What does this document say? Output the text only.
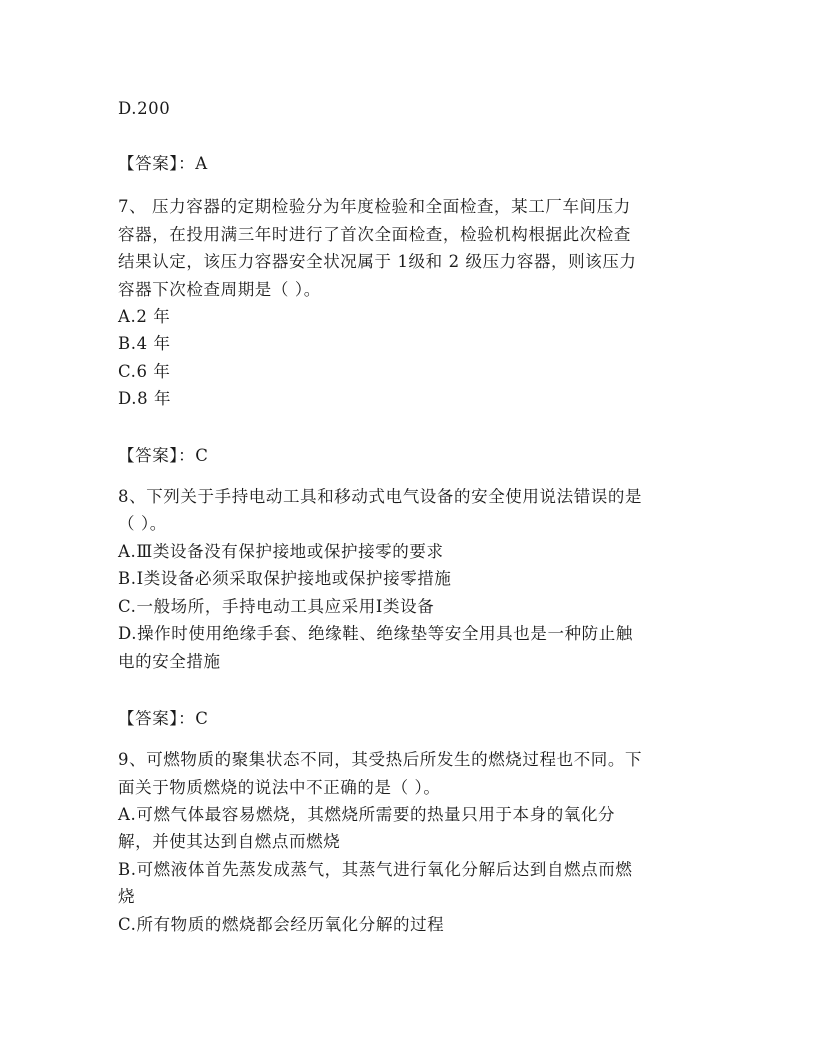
D.200
【答案】：A
7、 压力容器的定期检验分为年度检验和全面检查，某工厂车间压力
容器，在投用满三年时进行了首次全面检查，检验机构根据此次检查
结果认定，该压力容器安全状况属于 1级和 2 级压力容器，则该压力
容器下次检查周期是（ ）。
A.2 年
B.4 年
C.6 年
D.8 年
【答案】：C
8、下列关于手持电动工具和移动式电气设备的安全使用说法错误的是
（ ）。
A.Ⅲ类设备没有保护接地或保护接零的要求
B.Ⅰ类设备必须采取保护接地或保护接零措施
C.一般场所，手持电动工具应采用Ⅰ类设备
D.操作时使用绝缘手套、绝缘鞋、绝缘垫等安全用具也是一种防止触
电的安全措施
【答案】：C
9、可燃物质的聚集状态不同，其受热后所发生的燃烧过程也不同。下
面关于物质燃烧的说法中不正确的是（ ）。
A.可燃气体最容易燃烧，其燃烧所需要的热量只用于本身的氧化分
解，并使其达到自燃点而燃烧
B.可燃液体首先蒸发成蒸气，其蒸气进行氧化分解后达到自燃点而燃
烧
C.所有物质的燃烧都会经历氧化分解的过程
